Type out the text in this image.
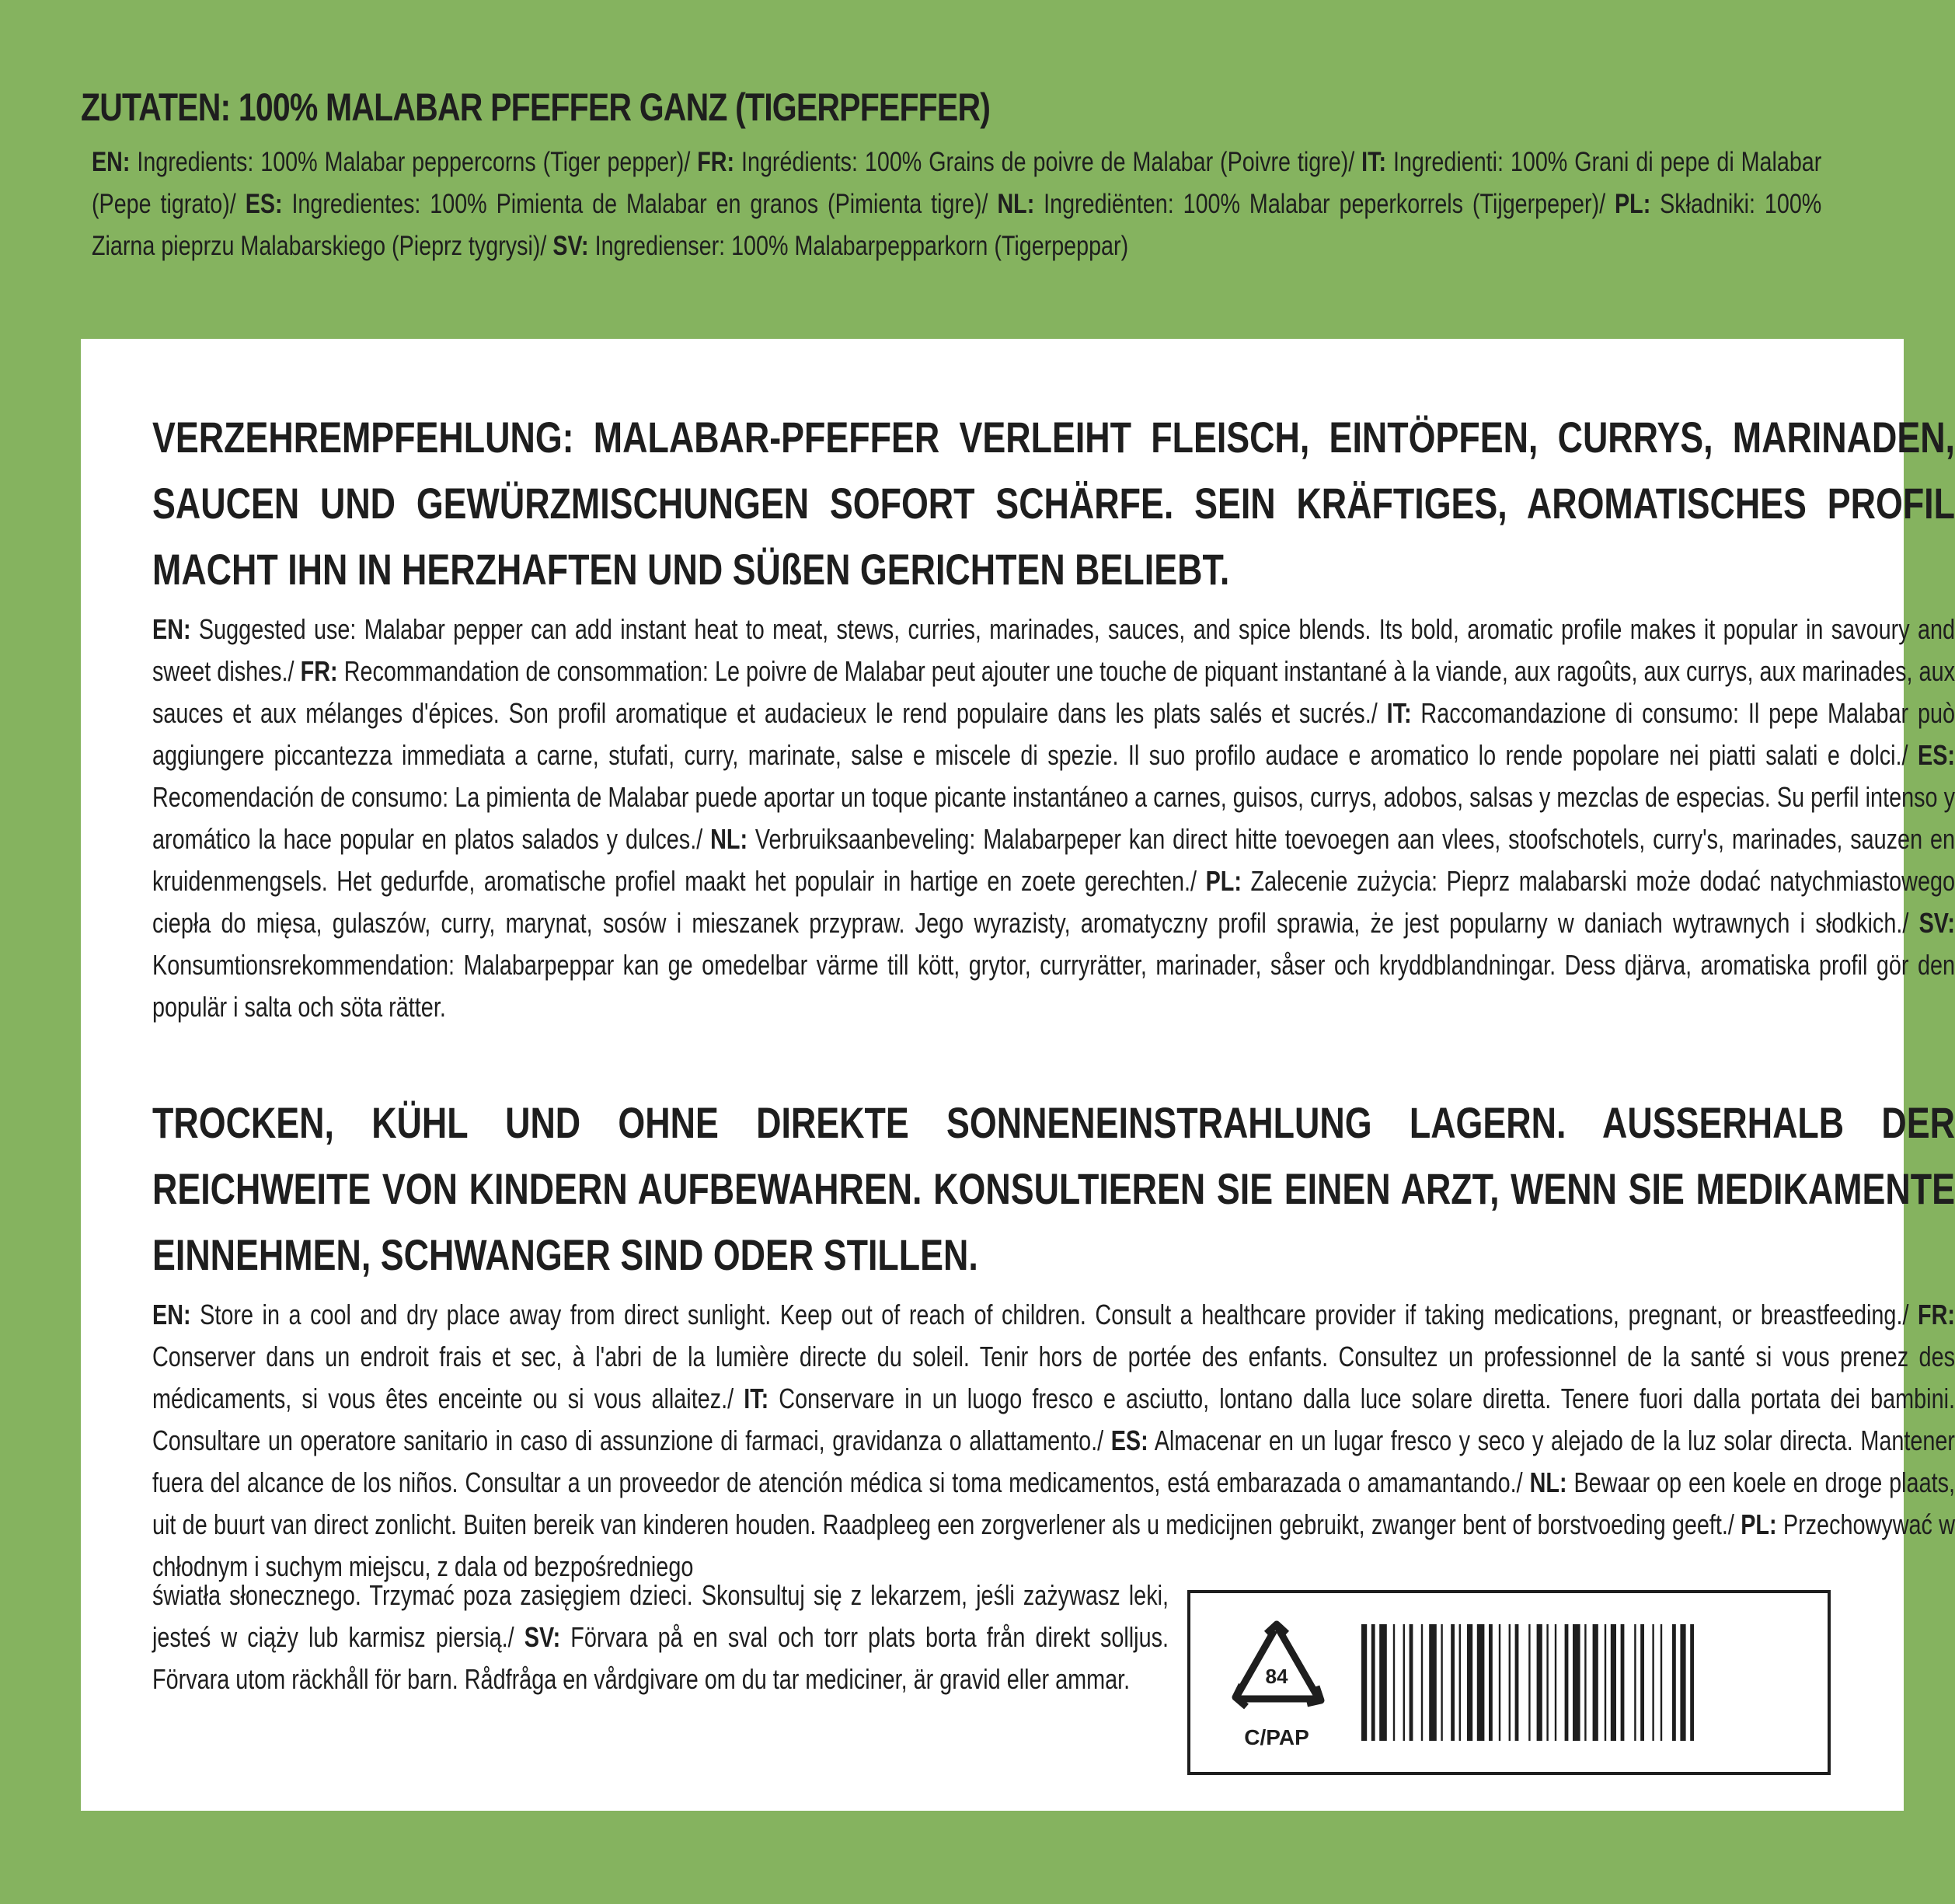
ZUTATEN: 100% MALABAR PFEFFER GANZ (TIGERPFEFFER)
EN: Ingredients: 100% Malabar peppercorns (Tiger pepper)/ FR: Ingrédients: 100% Grains de poivre de Malabar (Poivre tigre)/ IT: Ingredienti: 100% Grani di pepe di Malabar (Pepe tigrato)/ ES: Ingredientes: 100% Pimienta de Malabar en granos (Pimienta tigre)/ NL: Ingrediënten: 100% Malabar peperkorrels (Tijgerpeper)/ PL: Składniki: 100% Ziarna pieprzu Malabarskiego (Pieprz tygrysi)/ SV: Ingredienser: 100% Malabarpepparkorn (Tigerpeppar)

VERZEHREMPFEHLUNG: MALABAR-PFEFFER VERLEIHT FLEISCH, EINTÖPFEN, CURRYS, MARINADEN, SAUCEN UND GEWÜRZMISCHUNGEN SOFORT SCHÄRFE. SEIN KRÄFTIGES, AROMATISCHES PROFIL MACHT IHN IN HERZHAFTEN UND SÜßEN GERICHTEN BELIEBT.

EN: Suggested use: Malabar pepper can add instant heat to meat, stews, curries, marinades, sauces, and spice blends. Its bold, aromatic profile makes it popular in savoury and sweet dishes./ FR: Recommandation de consommation: Le poivre de Malabar peut ajouter une touche de piquant instantané à la viande, aux ragoûts, aux currys, aux marinades, aux sauces et aux mélanges d'épices. Son profil aromatique et audacieux le rend populaire dans les plats salés et sucrés./ IT: Raccomandazione di consumo: Il pepe Malabar può aggiungere piccantezza immediata a carne, stufati, curry, marinate, salse e miscele di spezie. Il suo profilo audace e aromatico lo rende popolare nei piatti salati e dolci./ ES: Recomendación de consumo: La pimienta de Malabar puede aportar un toque picante instantáneo a carnes, guisos, currys, adobos, salsas y mezclas de especias. Su perfil intenso y aromático la hace popular en platos salados y dulces./ NL: Verbruiksaanbeveling: Malabarpeper kan direct hitte toevoegen aan vlees, stoofschotels, curry's, marinades, sauzen en kruidenmengsels. Het gedurfde, aromatische profiel maakt het populair in hartige en zoete gerechten./ PL: Zalecenie zużycia: Pieprz malabarski może dodać natychmiastowego ciepła do mięsa, gulaszów, curry, marynat, sosów i mieszanek przypraw. Jego wyrazisty, aromatyczny profil sprawia, że jest popularny w daniach wytrawnych i słodkich./ SV: Konsumtionsrekommendation: Malabarpeppar kan ge omedelbar värme till kött, grytor, curryrätter, marinader, såser och kryddblandningar. Dess djärva, aromatiska profil gör den populär i salta och söta rätter.

TROCKEN, KÜHL UND OHNE DIREKTE SONNENEINSTRAHLUNG LAGERN. AUSSERHALB DER REICHWEITE VON KINDERN AUFBEWAHREN. KONSULTIEREN SIE EINEN ARZT, WENN SIE MEDIKAMENTE EINNEHMEN, SCHWANGER SIND ODER STILLEN.

EN: Store in a cool and dry place away from direct sunlight. Keep out of reach of children. Consult a healthcare provider if taking medications, pregnant, or breastfeeding./ FR: Conserver dans un endroit frais et sec, à l'abri de la lumière directe du soleil. Tenir hors de portée des enfants. Consultez un professionnel de la santé si vous prenez des médicaments, si vous êtes enceinte ou si vous allaitez./ IT: Conservare in un luogo fresco e asciutto, lontano dalla luce solare diretta. Tenere fuori dalla portata dei bambini. Consultare un operatore sanitario in caso di assunzione di farmaci, gravidanza o allattamento./ ES: Almacenar en un lugar fresco y seco y alejado de la luz solar directa. Mantener fuera del alcance de los niños. Consultar a un proveedor de atención médica si toma medicamentos, está embarazada o amamantando./ NL: Bewaar op een koele en droge plaats, uit de buurt van direct zonlicht. Buiten bereik van kinderen houden. Raadpleeg een zorgverlener als u medicijnen gebruikt, zwanger bent of borstvoeding geeft./ PL: Przechowywać w chłodnym i suchym miejscu, z dala od bezpośredniego

światła słonecznego. Trzymać poza zasięgiem dzieci. Skonsultuj się z lekarzem, jeśli zażywasz leki, jesteś w ciąży lub karmisz piersią./ SV: Förvara på en sval och torr plats borta från direkt solljus. Förvara utom räckhåll för barn. Rådfråga en vårdgivare om du tar mediciner, är gravid eller ammar.	84
C/PAP
